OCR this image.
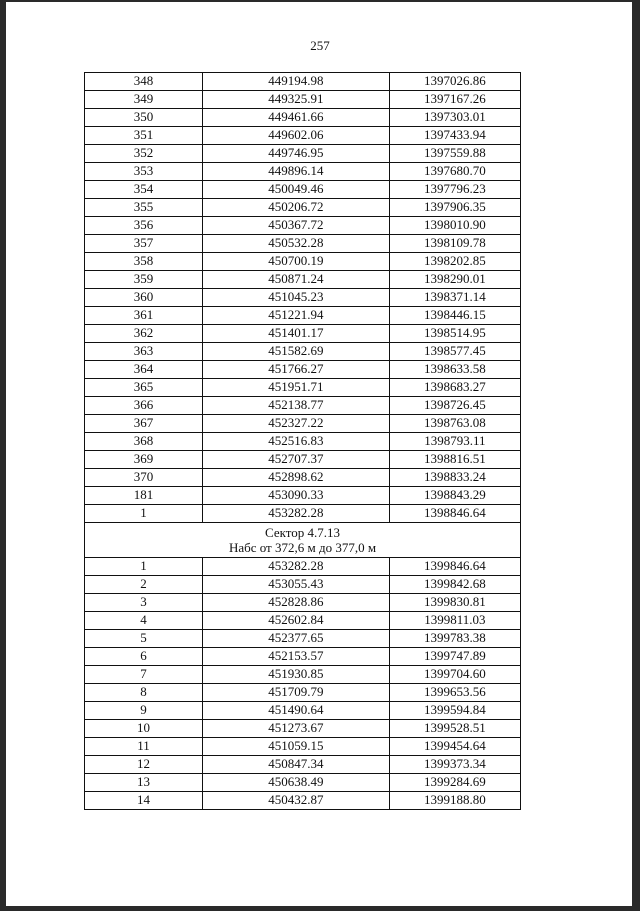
257
348	449194.98	1397026.86
349	449325.91	1397167.26
350	449461.66	1397303.01
351	449602.06	1397433.94
352	449746.95	1397559.88
353	449896.14	1397680.70
354	450049.46	1397796.23
355	450206.72	1397906.35
356	450367.72	1398010.90
357	450532.28	1398109.78
358	450700.19	1398202.85
359	450871.24	1398290.01
360	451045.23	1398371.14
361	451221.94	1398446.15
362	451401.17	1398514.95
363	451582.69	1398577.45
364	451766.27	1398633.58
365	451951.71	1398683.27
366	452138.77	1398726.45
367	452327.22	1398763.08
368	452516.83	1398793.11
369	452707.37	1398816.51
370	452898.62	1398833.24
181	453090.33	1398843.29
1	453282.28	1398846.64

Сектор 4.7.13
Набс от 372,6 м до 377,0 м		

1	453282.28	1399846.64
2	453055.43	1399842.68
3	452828.86	1399830.81
4	452602.84	1399811.03
5	452377.65	1399783.38
6	452153.57	1399747.89
7	451930.85	1399704.60
8	451709.79	1399653.56
9	451490.64	1399594.84
10	451273.67	1399528.51
11	451059.15	1399454.64
12	450847.34	1399373.34
13	450638.49	1399284.69
14	450432.87	1399188.80
